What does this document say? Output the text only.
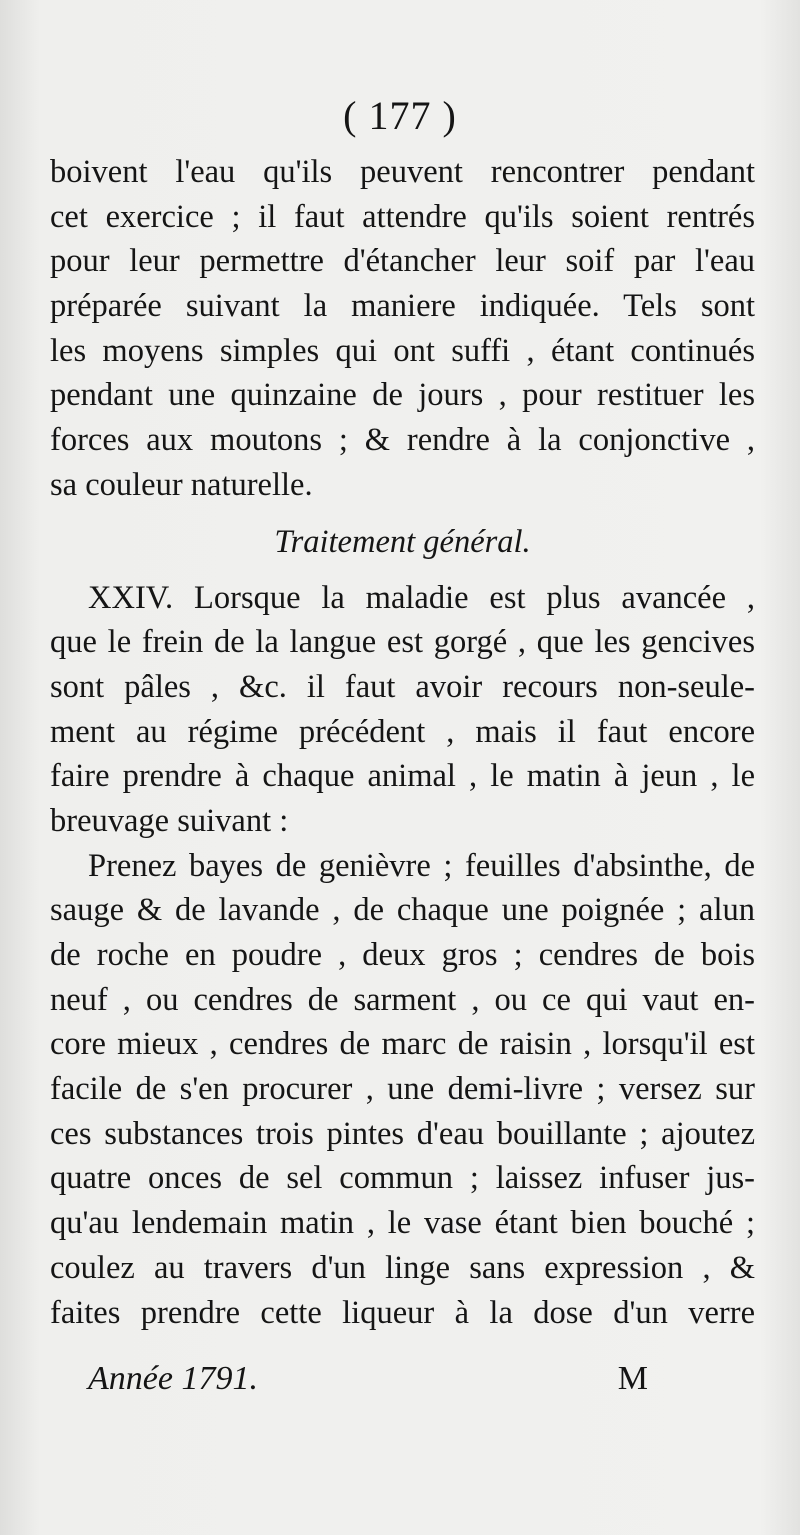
( 177 )
boivent l'eau qu'ils peuvent rencontrer pendant
cet exercice ; il faut attendre qu'ils soient rentrés
pour leur permettre d'étancher leur soif par l'eau
préparée suivant la maniere indiquée. Tels sont
les moyens simples qui ont suffi , étant continués
pendant une quinzaine de jours , pour restituer les
forces aux moutons ; & rendre à la conjonctive ,
sa couleur naturelle.
Traitement général.
XXIV. Lorsque la maladie est plus avancée ,
que le frein de la langue est gorgé , que les gencives
sont pâles , &c. il faut avoir recours non-seule-
ment au régime précédent , mais il faut encore
faire prendre à chaque animal , le matin à jeun , le
breuvage suivant :
Prenez bayes de genièvre ; feuilles d'absinthe, de
sauge & de lavande , de chaque une poignée ; alun
de roche en poudre , deux gros ; cendres de bois
neuf , ou cendres de sarment , ou ce qui vaut en-
core mieux , cendres de marc de raisin , lorsqu'il est
facile de s'en procurer , une demi-livre ; versez sur
ces substances trois pintes d'eau bouillante ; ajoutez
quatre onces de sel commun ; laissez infuser jus-
qu'au lendemain matin , le vase étant bien bouché ;
coulez au travers d'un linge sans expression , &
faites prendre cette liqueur à la dose d'un verre
Année 1791.	M
